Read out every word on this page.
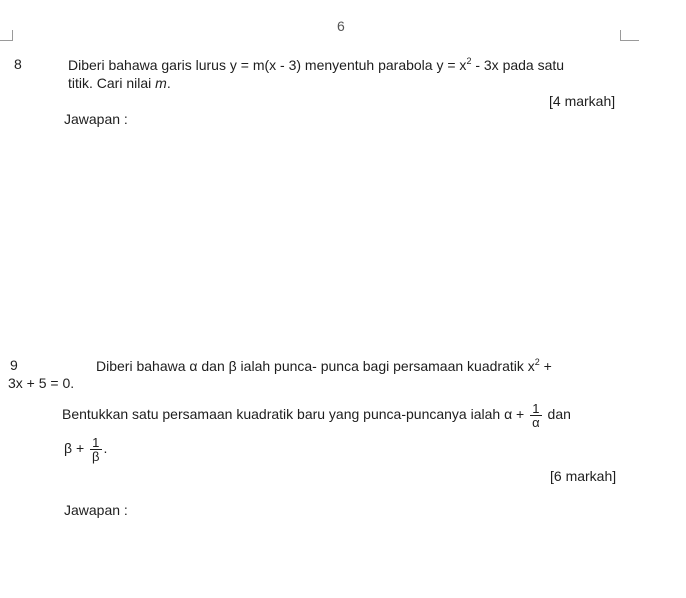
6
8	Diberi bahawa garis lurus y = m(x - 3) menyentuh parabola $y = x^2 - 3x$ pada satu
titik. Cari nilai m.
[4 markah]
Jawapan :
9	Diberi bahawa α dan β ialah punca- punca bagi persamaan kuadratik $x^2$ +
3x + 5 = 0.
Bentukkan satu persamaan kuadratik baru yang punca-puncanya ialah $\alpha + \frac{1}{\alpha}$ dan
$\beta + \frac{1}{\beta}$ .
[6 markah]
Jawapan :
